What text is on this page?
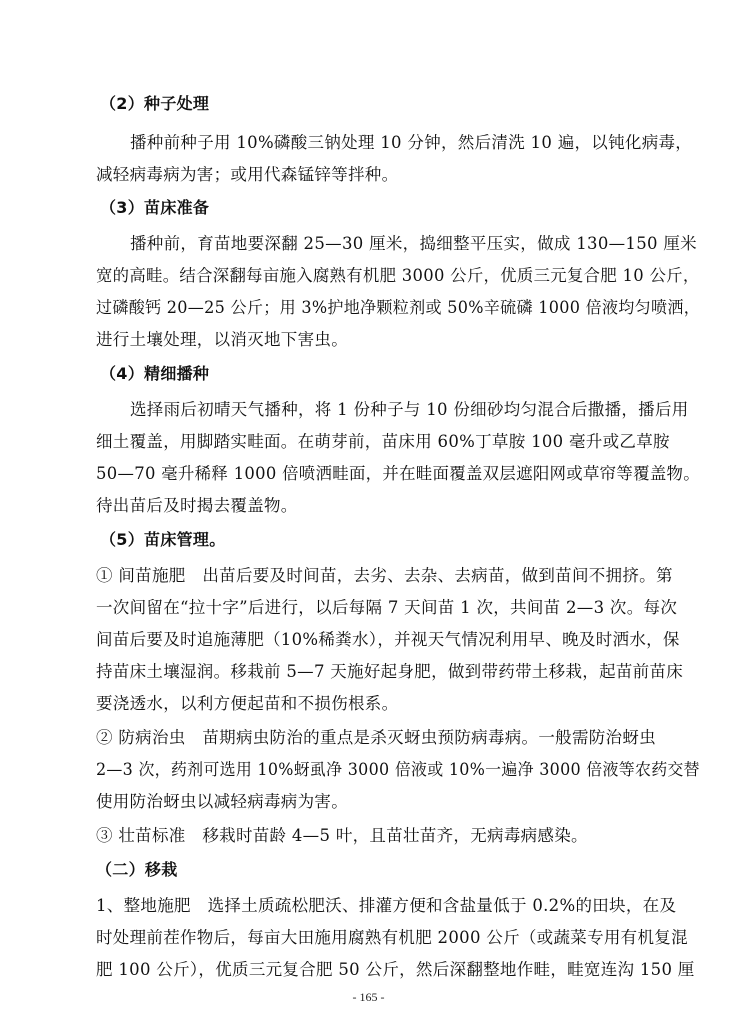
（2）种子处理
播种前种子用 10%磷酸三钠处理 10 分钟，然后清洗 10 遍，以钝化病毒，
减轻病毒病为害；或用代森锰锌等拌种。
（3）苗床准备
播种前，育苗地要深翻 25—30 厘米，捣细整平压实，做成 130—150 厘米
宽的高畦。结合深翻每亩施入腐熟有机肥 3000 公斤，优质三元复合肥 10 公斤，
过磷酸钙 20—25 公斤；用 3%护地净颗粒剂或 50%辛硫磷 1000 倍液均匀喷洒，
进行土壤处理，以消灭地下害虫。
（4）精细播种
选择雨后初晴天气播种，将 1 份种子与 10 份细砂均匀混合后撒播，播后用
细土覆盖，用脚踏实畦面。在萌芽前，苗床用 60%丁草胺 100 毫升或乙草胺
50—70 毫升稀释 1000 倍喷洒畦面，并在畦面覆盖双层遮阳网或草帘等覆盖物。
待出苗后及时揭去覆盖物。
（5）苗床管理。
① 间苗施肥　出苗后要及时间苗，去劣、去杂、去病苗，做到苗间不拥挤。第
一次间留在“拉十字”后进行，以后每隔 7 天间苗 1 次，共间苗 2—3 次。每次
间苗后要及时追施薄肥（10%稀粪水），并视天气情况利用早、晚及时洒水，保
持苗床土壤湿润。移栽前 5—7 天施好起身肥，做到带药带土移栽，起苗前苗床
要浇透水，以利方便起苗和不损伤根系。
② 防病治虫　苗期病虫防治的重点是杀灭蚜虫预防病毒病。一般需防治蚜虫
2—3 次，药剂可选用 10%蚜虱净 3000 倍液或 10%一遍净 3000 倍液等农药交替
使用防治蚜虫以减轻病毒病为害。
③ 壮苗标准　移栽时苗龄 4—5 叶，且苗壮苗齐，无病毒病感染。
（二）移栽
1、整地施肥　选择土质疏松肥沃、排灌方便和含盐量低于 0.2%的田块，在及
时处理前茬作物后，每亩大田施用腐熟有机肥 2000 公斤（或蔬菜专用有机复混
肥 100 公斤），优质三元复合肥 50 公斤，然后深翻整地作畦，畦宽连沟 150 厘
- 165 -
